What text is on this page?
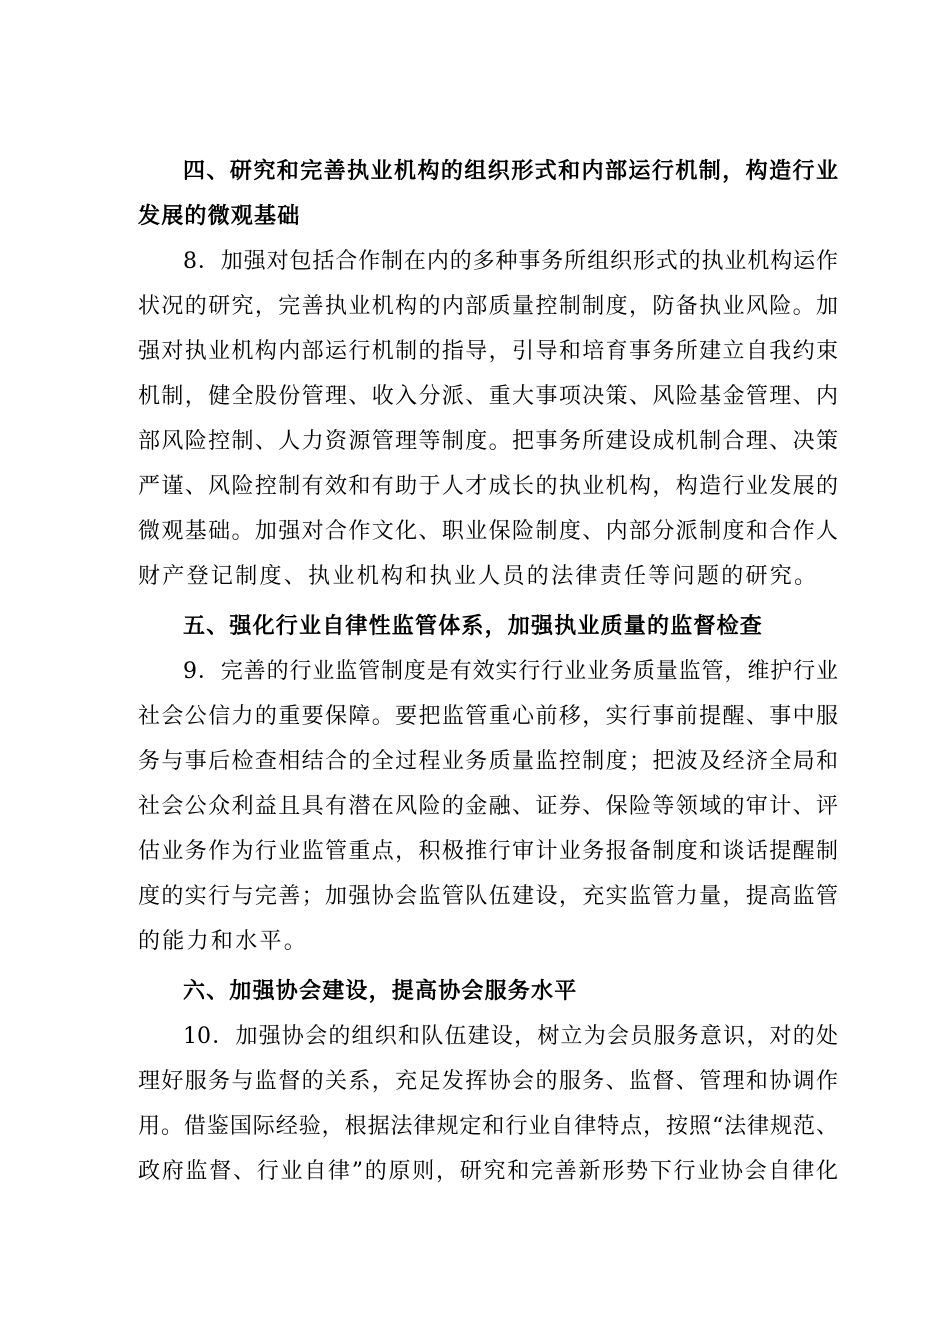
四、研究和完善执业机构的组织形式和内部运行机制，构造行业
发展的微观基础
8．加强对包括合作制在内的多种事务所组织形式的执业机构运作
状况的研究，完善执业机构的内部质量控制制度，防备执业风险。加
强对执业机构内部运行机制的指导，引导和培育事务所建立自我约束
机制，健全股份管理、收入分派、重大事项决策、风险基金管理、内
部风险控制、人力资源管理等制度。把事务所建设成机制合理、决策
严谨、风险控制有效和有助于人才成长的执业机构，构造行业发展的
微观基础。加强对合作文化、职业保险制度、内部分派制度和合作人
财产登记制度、执业机构和执业人员的法律责任等问题的研究。
五、强化行业自律性监管体系，加强执业质量的监督检查
9．完善的行业监管制度是有效实行行业业务质量监管，维护行业
社会公信力的重要保障。要把监管重心前移，实行事前提醒、事中服
务与事后检查相结合的全过程业务质量监控制度；把波及经济全局和
社会公众利益且具有潜在风险的金融、证券、保险等领域的审计、评
估业务作为行业监管重点，积极推行审计业务报备制度和谈话提醒制
度的实行与完善；加强协会监管队伍建设，充实监管力量，提高监管
的能力和水平。
六、加强协会建设，提高协会服务水平
10．加强协会的组织和队伍建设，树立为会员服务意识，对的处
理好服务与监督的关系，充足发挥协会的服务、监督、管理和协调作
用。借鉴国际经验，根据法律规定和行业自律特点，按照“法律规范、
政府监督、行业自律”的原则，研究和完善新形势下行业协会自律化
